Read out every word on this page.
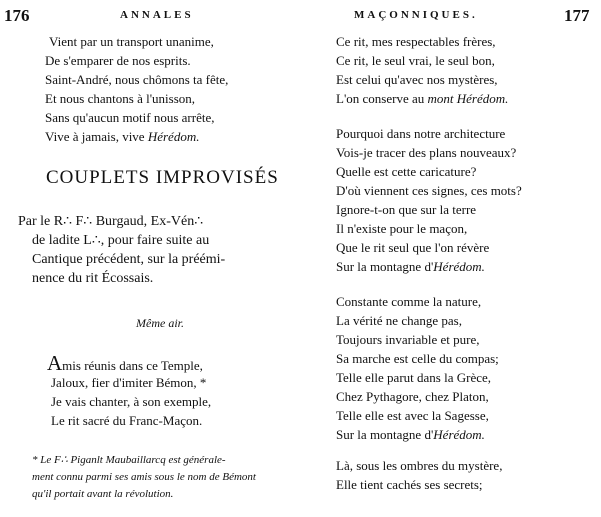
176	ANNALES
Vient par un transport unanime,
De s'emparer de nos esprits.
Saint-André, nous chômons ta fête,
Et nous chantons à l'unisson,
Sans qu'aucun motif nous arrête,
Vive à jamais, vive Hérédom.
COUPLETS IMPROVISÉS
Par le R∴ F∴ Burgaud, Ex-Vén∴
de ladite L∴, pour faire suite au
Cantique précédent, sur la préémi-
nence du rit Écossais.
Même air.
Amis réunis dans ce Temple,
Jaloux, fier d'imiter Bémon, *
Je vais chanter, à son exemple,
Le rit sacré du Franc-Maçon.
* Le F∴ Piganlt Maubaillarcq est générale-
ment connu parmi ses amis sous le nom de Bémont
qu'il portait avant la révolution.
MAÇONNIQUES.	177
Ce rit, mes respectables frères,
Ce rit, le seul vrai, le seul bon,
Est celui qu'avec nos mystères,
L'on conserve au mont Hérédom.
Pourquoi dans notre architecture
Vois-je tracer des plans nouveaux?
Quelle est cette caricature?
D'où viennent ces signes, ces mots?
Ignore-t-on que sur la terre
Il n'existe pour le maçon,
Que le rit seul que l'on révère
Sur la montagne d'Hérédom.
Constante comme la nature,
La vérité ne change pas,
Toujours invariable et pure,
Sa marche est celle du compas;
Telle elle parut dans la Grèce,
Chez Pythagore, chez Platon,
Telle elle est avec la Sagesse,
Sur la montagne d'Hérédom.
Là, sous les ombres du mystère,
Elle tient cachés ses secrets;
